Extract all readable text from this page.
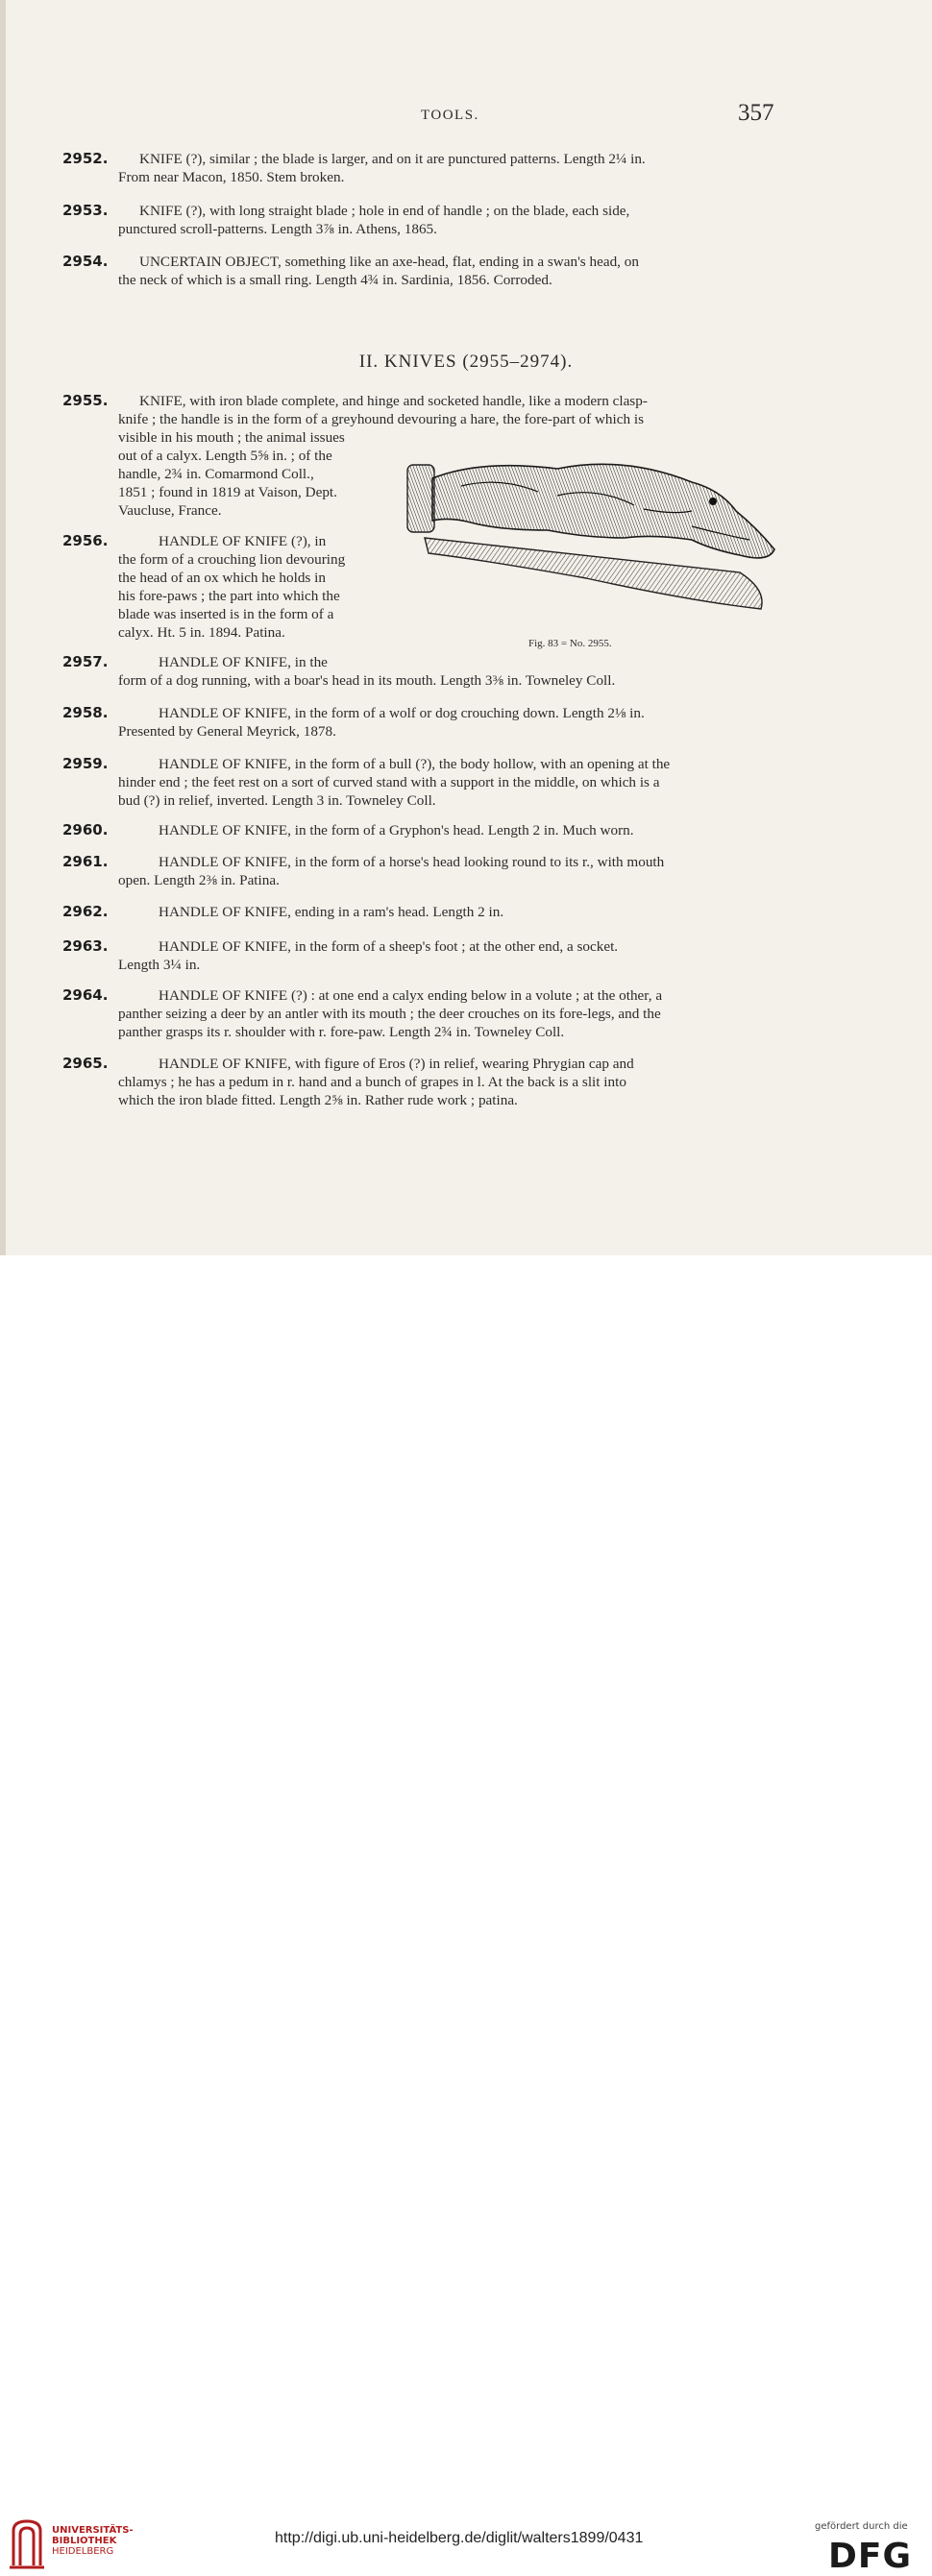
TOOLS.	357
2952.	KNIFE (?), similar ; the blade is larger, and on it are punctured patterns. Length 2¼ in.
From near Macon, 1850. Stem broken.

2953.	KNIFE (?), with long straight blade ; hole in end of handle ; on the blade, each side,
punctured scroll-patterns. Length 3⅞ in. Athens, 1865.

2954.	UNCERTAIN OBJECT, something like an axe-head, flat, ending in a swan's head, on
the neck of which is a small ring. Length 4¾ in. Sardinia, 1856. Corroded.

II. KNIVES (2955–2974).
2955.	KNIFE, with iron blade complete, and hinge and socketed handle, like a modern clasp-
knife ; the handle is in the form of a greyhound devouring a hare, the fore-part of which is

visible in his mouth ; the animal issues
out of a calyx. Length 5⅝ in. ; of the
handle, 2¾ in. Comarmond Coll.,
1851 ; found in 1819 at Vaison, Dept.
Vaucluse, France.

2956.	HANDLE OF KNIFE (?), in
the form of a crouching lion devouring
the head of an ox which he holds in
his fore-paws ; the part into which the
blade was inserted is in the form of a
calyx. Ht. 5 in. 1894. Patina.

Fig. 83 = No. 2955.
2957.	HANDLE OF KNIFE, in the
form of a dog running, with a boar's head in its mouth. Length 3⅜ in. Towneley Coll.

2958.	HANDLE OF KNIFE, in the form of a wolf or dog crouching down. Length 2⅛ in.
Presented by General Meyrick, 1878.

2959.	HANDLE OF KNIFE, in the form of a bull (?), the body hollow, with an opening at the
hinder end ; the feet rest on a sort of curved stand with a support in the middle, on which is a
bud (?) in relief, inverted. Length 3 in. Towneley Coll.

2960.	HANDLE OF KNIFE, in the form of a Gryphon's head. Length 2 in. Much worn.

2961.	HANDLE OF KNIFE, in the form of a horse's head looking round to its r., with mouth
open. Length 2⅜ in. Patina.

2962.	HANDLE OF KNIFE, ending in a ram's head. Length 2 in.

2963.	HANDLE OF KNIFE, in the form of a sheep's foot ; at the other end, a socket.
Length 3¼ in.

2964.	HANDLE OF KNIFE (?) : at one end a calyx ending below in a volute ; at the other, a
panther seizing a deer by an antler with its mouth ; the deer crouches on its fore-legs, and the
panther grasps its r. shoulder with r. fore-paw. Length 2¾ in. Towneley Coll.

2965.	HANDLE OF KNIFE, with figure of Eros (?) in relief, wearing Phrygian cap and
chlamys ; he has a pedum in r. hand and a bunch of grapes in l. At the back is a slit into
which the iron blade fitted. Length 2⅝ in. Rather rude work ; patina.

UNIVERSITÄTS-
BIBLIOTHEK
HEIDELBERG
http://digi.ub.uni-heidelberg.de/diglit/walters1899/0431
gefördert durch die
DFG
